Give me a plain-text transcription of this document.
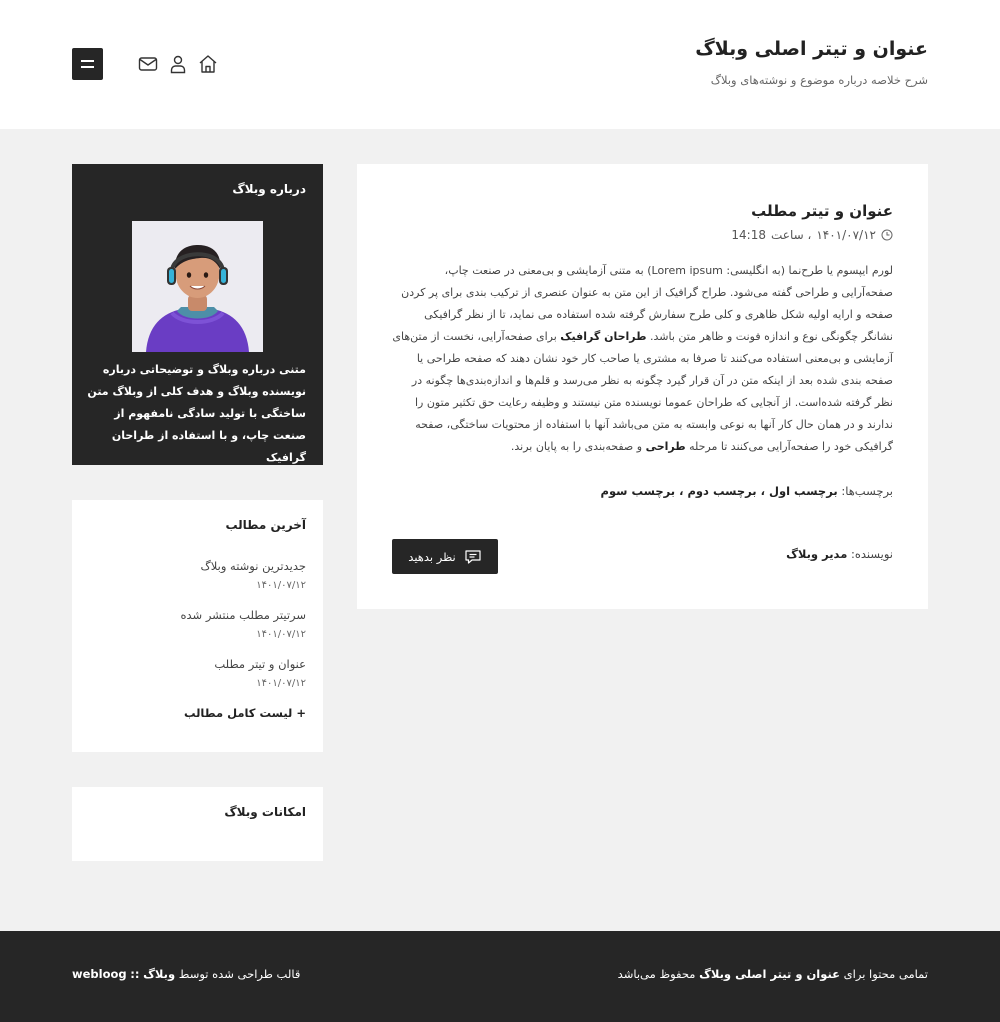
عنوان و تیتر اصلی وبلاگ
شرح خلاصه درباره موضوع و نوشته‌های وبلاگ
عنوان و تیتر مطلب
۱۴۰۱/۰۷/۱۲
، ساعت
14:18
لورم ایپسوم یا طرح‌نما (به انگلیسی: Lorem ipsum) به متنی آزمایشی و بی‌معنی در صنعت چاپ، صفحه‌آرایی و طراحی گفته می‌شود. طراح گرافیک از این متن به عنوان عنصری از ترکیب بندی برای پر کردن صفحه و ارایه اولیه شکل ظاهری و کلی طرح سفارش گرفته شده استفاده می نماید، تا از نظر گرافیکی نشانگر چگونگی نوع و اندازه فونت و ظاهر متن باشد. طراحان گرافیک برای صفحه‌آرایی، نخست از متن‌های آزمایشی و بی‌معنی استفاده می‌کنند تا صرفا به مشتری یا صاحب کار خود نشان دهند که صفحه طراحی یا صفحه بندی شده بعد از اینکه متن در آن قرار گیرد چگونه به نظر می‌رسد و قلم‌ها و اندازه‌بندی‌ها چگونه در نظر گرفته شده‌است. از آنجایی که طراحان عموما نویسنده متن نیستند و وظیفه رعایت حق تکثیر متون را ندارند و در همان حال کار آنها به نوعی وابسته به متن می‌باشد آنها با استفاده از محتویات ساختگی، صفحه گرافیکی خود را صفحه‌آرایی می‌کنند تا مرحله طراحی و صفحه‌بندی را به پایان برند.
برچسب‌ها: برچسب اول ، برچسب دوم ، برچسب سوم
نویسنده: مدیر وبلاگ
نظر بدهید
درباره وبلاگ
متنی درباره وبلاگ و توضیحاتی درباره نویسنده وبلاگ و هدف کلی از وبلاگ متن ساختگی با تولید سادگی نامفهوم از صنعت چاپ، و با استفاده از طراحان گرافیک
آخرین مطالب
جدیدترین نوشته وبلاگ
۱۴۰۱/۰۷/۱۲
سرتیتر مطلب منتشر شده
۱۴۰۱/۰۷/۱۲
عنوان و تیتر مطلب
۱۴۰۱/۰۷/۱۲
+ لیست کامل مطالب
امکانات وبلاگ
تمامی محتوا برای عنوان و تیتر اصلی وبلاگ محفوظ می‌باشد
قالب طراحی شده توسط وبلاگ :: webloog
